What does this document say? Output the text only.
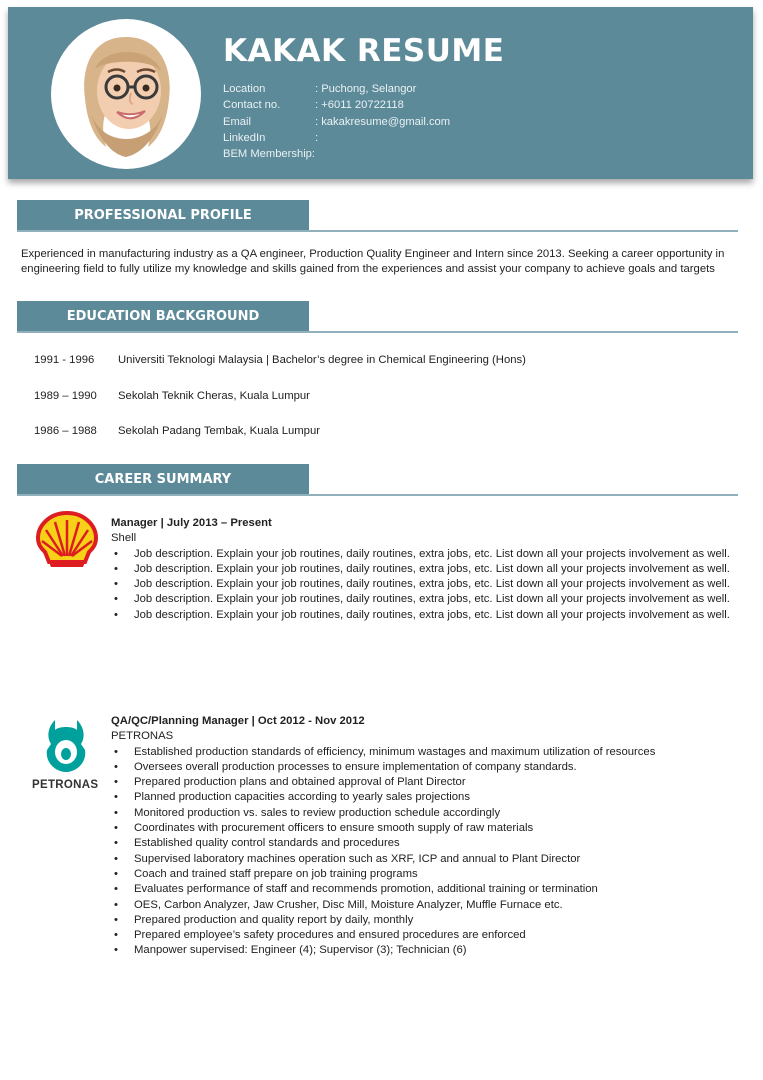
KAKAK RESUME
Location	: Puchong, Selangor
Contact no.	: +6011 20722118
Email	: kakakresume@gmail.com
LinkedIn	:
BEM Membership:
PROFESSIONAL PROFILE
Experienced in manufacturing industry as a QA engineer, Production Quality Engineer and Intern since 2013. Seeking a career opportunity in engineering field to fully utilize my knowledge and skills gained from the experiences and assist your company to achieve goals and targets
EDUCATION BACKGROUND
1991 - 1996	Universiti Teknologi Malaysia | Bachelor’s degree in Chemical Engineering (Hons)
1989 – 1990	Sekolah Teknik Cheras, Kuala Lumpur
1986 – 1988	Sekolah Padang Tembak, Kuala Lumpur
CAREER SUMMARY
Manager | July 2013 – Present
Shell
• Job description. Explain your job routines, daily routines, extra jobs, etc. List down all your projects involvement as well.
• Job description. Explain your job routines, daily routines, extra jobs, etc. List down all your projects involvement as well.
• Job description. Explain your job routines, daily routines, extra jobs, etc. List down all your projects involvement as well.
• Job description. Explain your job routines, daily routines, extra jobs, etc. List down all your projects involvement as well.
• Job description. Explain your job routines, daily routines, extra jobs, etc. List down all your projects involvement as well.
PETRONAS
QA/QC/Planning Manager | Oct 2012 - Nov 2012
PETRONAS
• Established production standards of efficiency, minimum wastages and maximum utilization of resources
• Oversees overall production processes to ensure implementation of company standards.
• Prepared production plans and obtained approval of Plant Director
• Planned production capacities according to yearly sales projections
• Monitored production vs. sales to review production schedule accordingly
• Coordinates with procurement officers to ensure smooth supply of raw materials
• Established quality control standards and procedures
• Supervised laboratory machines operation such as XRF, ICP and annual to Plant Director
• Coach and trained staff prepare on job training programs
• Evaluates performance of staff and recommends promotion, additional training or termination
• OES, Carbon Analyzer, Jaw Crusher, Disc Mill, Moisture Analyzer, Muffle Furnace etc.
• Prepared production and quality report by daily, monthly
• Prepared employee’s safety procedures and ensured procedures are enforced
• Manpower supervised: Engineer (4); Supervisor (3); Technician (6)
